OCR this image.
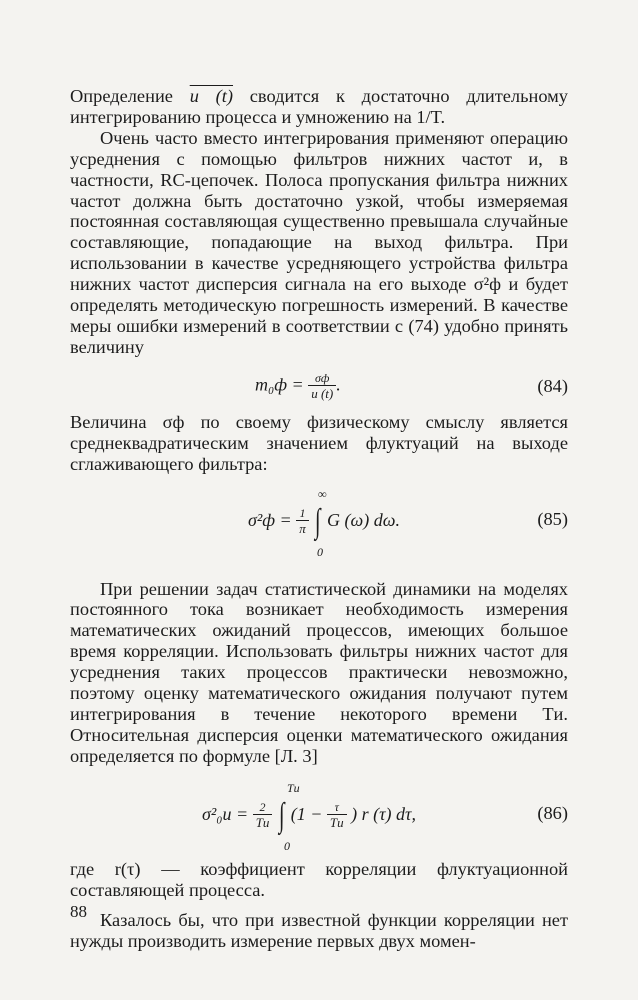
Определение u (t) сводится к достаточно длительному интегрированию процесса и умножению на 1/T.

Очень часто вместо интегрирования применяют операцию усреднения с помощью фильтров нижних частот и, в частности, RC-цепочек. Полоса пропускания фильтра нижних частот должна быть достаточно узкой, чтобы измеряемая постоянная составляющая существенно превышала случайные составляющие, попадающие на выход фильтра. При использовании в качестве усредняющего устройства фильтра нижних частот дисперсия сигнала на его выходе σ²ф и будет определять методическую погрешность измерений. В качестве меры ошибки измерений в соответствии с (74) удобно принять величину

$m_0ф = \frac{\sigma ф}{u (t)}$ .	(84)

Величина σф по своему физическому смыслу является среднеквадратическим значением флуктуаций на выходе сглаживающего фильтра:

$\sigma^2ф = \frac{1}{\pi}$ ∫ G (ω) dω.
∞
0
(85)

При решении задач статистической динамики на моделях постоянного тока возникает необходимость измерения математических ожиданий процессов, имеющих большое время корреляции. Использовать фильтры нижних частот для усреднения таких процессов практически невозможно, поэтому оценку математического ожидания получают путем интегрирования в течение некоторого времени Tи. Относительная дисперсия оценки математического ожидания определяется по формуле [Л. 3]

$\sigma^2_0и = \frac{2}{Tи}$ ∫ ($1 - \frac{\tau}{Tи}$ ) r (τ) dτ,
Tи
0
(86)

где r(τ) — коэффициент корреляции флуктуационной составляющей процесса.

Казалось бы, что при известной функции корреляции нет нужды производить измерение первых двух момен-

88
